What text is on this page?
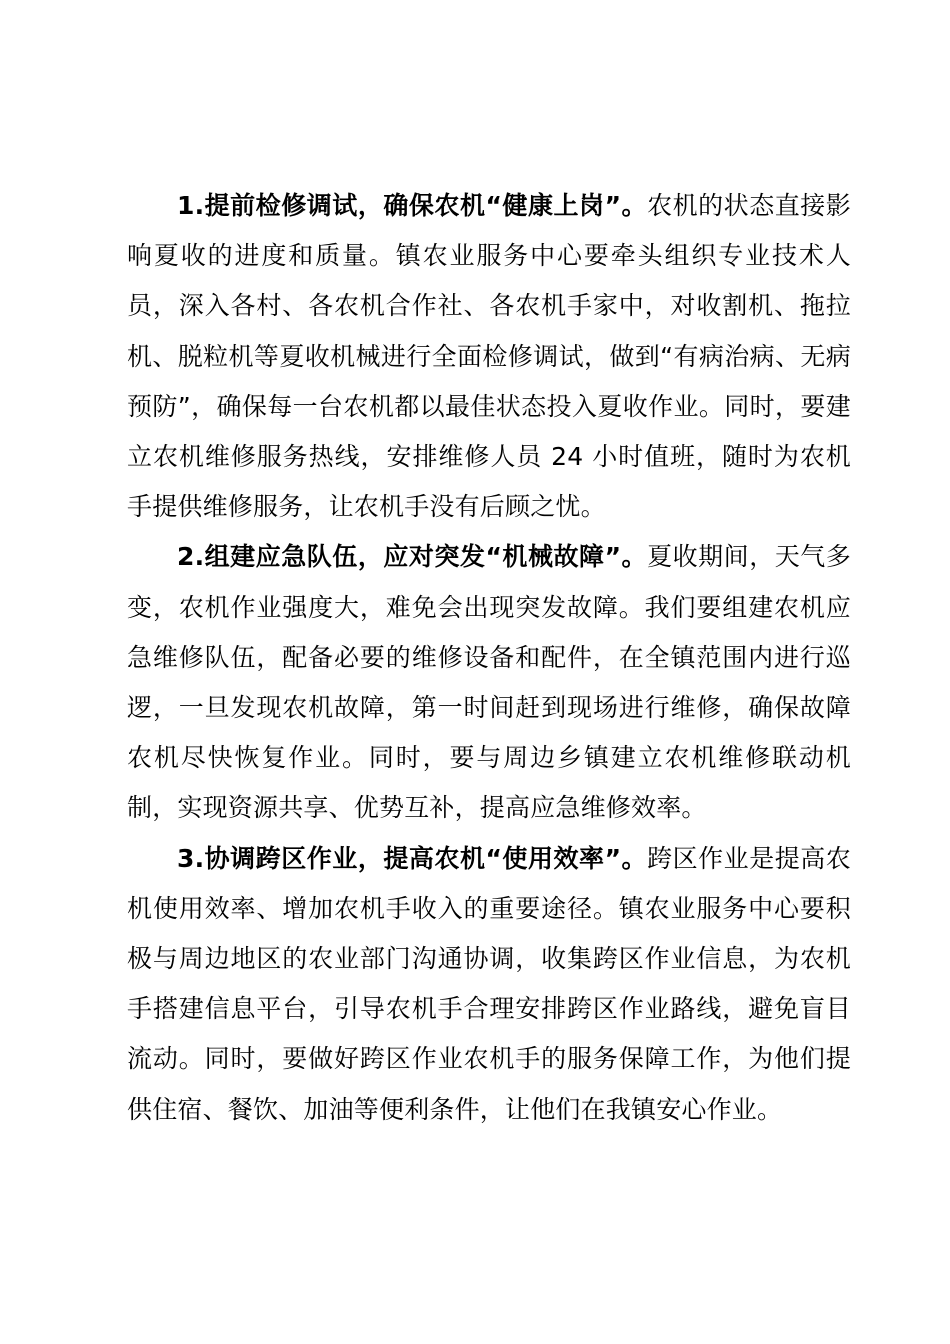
1.提前检修调试，确保农机“健康上岗”。农机的状态直接影响夏收的进度和质量。镇农业服务中心要牵头组织专业技术人员，深入各村、各农机合作社、各农机手家中，对收割机、拖拉机、脱粒机等夏收机械进行全面检修调试，做到“有病治病、无病预防”，确保每一台农机都以最佳状态投入夏收作业。同时，要建立农机维修服务热线，安排维修人员 24 小时值班，随时为农机手提供维修服务，让农机手没有后顾之忧。

2.组建应急队伍，应对突发“机械故障”。夏收期间，天气多变，农机作业强度大，难免会出现突发故障。我们要组建农机应急维修队伍，配备必要的维修设备和配件，在全镇范围内进行巡逻，一旦发现农机故障，第一时间赶到现场进行维修，确保故障农机尽快恢复作业。同时，要与周边乡镇建立农机维修联动机制，实现资源共享、优势互补，提高应急维修效率。

3.协调跨区作业，提高农机“使用效率”。跨区作业是提高农机使用效率、增加农机手收入的重要途径。镇农业服务中心要积极与周边地区的农业部门沟通协调，收集跨区作业信息，为农机手搭建信息平台，引导农机手合理安排跨区作业路线，避免盲目流动。同时，要做好跨区作业农机手的服务保障工作，为他们提供住宿、餐饮、加油等便利条件，让他们在我镇安心作业。
